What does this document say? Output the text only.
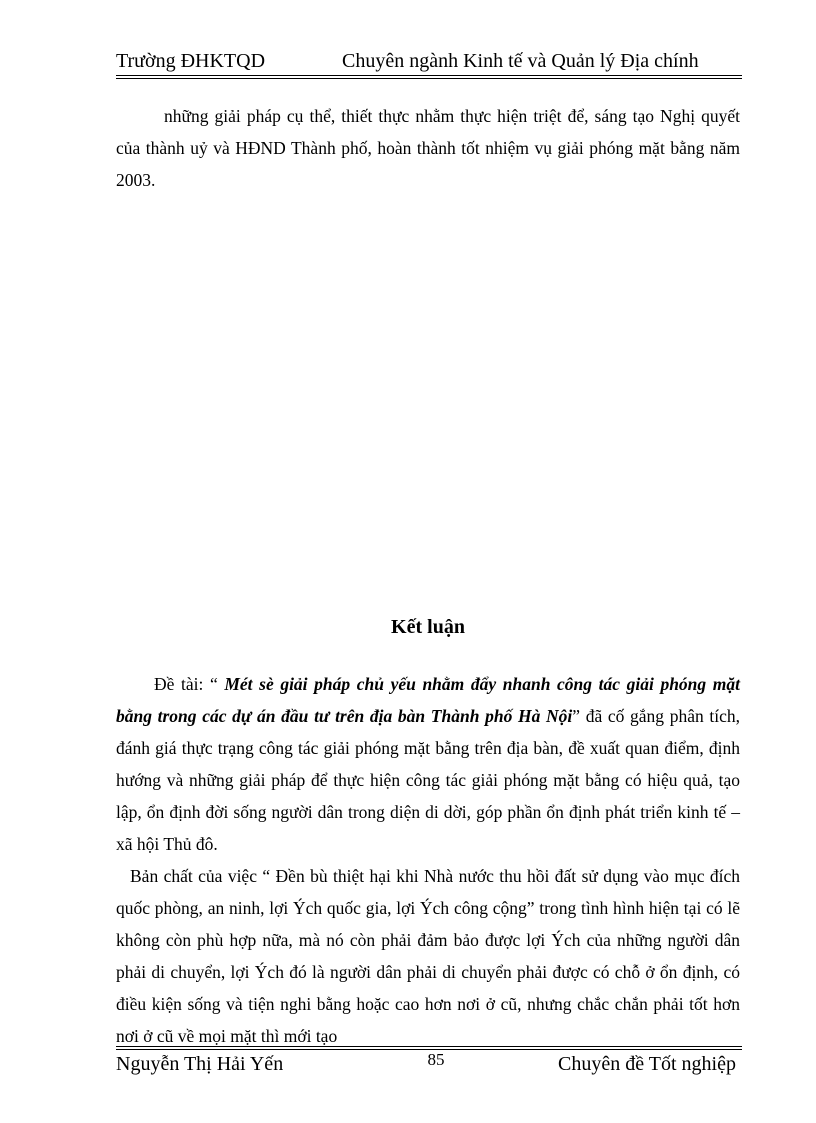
Trường ĐHKTQD	Chuyên ngành Kinh tế và Quản lý Địa chính
những giải pháp cụ thể, thiết thực nhằm thực hiện triệt để, sáng tạo Nghị quyết của thành uỷ và HĐND Thành phố, hoàn thành tốt nhiệm vụ giải phóng mặt bằng năm 2003.
Kết luận
Đề tài: “ Mét sè giải pháp chủ yếu nhằm đẩy nhanh công tác giải phóng mặt bằng trong các dự án đầu tư trên địa bàn Thành phố Hà Nội” đã cố gắng phân tích, đánh giá thực trạng công tác giải phóng mặt bằng trên địa bàn, đề xuất quan điểm, định hướng và những giải pháp để thực hiện công tác giải phóng mặt bằng có hiệu quả, tạo lập, ổn định đời sống người dân trong diện di dời, góp phần ổn định phát triển kinh tế – xã hội Thủ đô.
Bản chất của việc “ Đền bù thiệt hại khi Nhà nước thu hồi đất sử dụng vào mục đích quốc phòng, an ninh, lợi Ých quốc gia, lợi Ých công cộng” trong tình hình hiện tại có lẽ không còn phù hợp nữa, mà nó còn phải đảm bảo được lợi Ých của những người dân phải di chuyển, lợi Ých đó là người dân phải di chuyển phải được có chỗ ở ổn định, có điều kiện sống và tiện nghi bằng hoặc cao hơn nơi ở cũ, nhưng chắc chắn phải tốt hơn nơi ở cũ về mọi mặt thì mới tạo
Nguyễn Thị Hải Yến	85	Chuyên đề Tốt nghiệp
